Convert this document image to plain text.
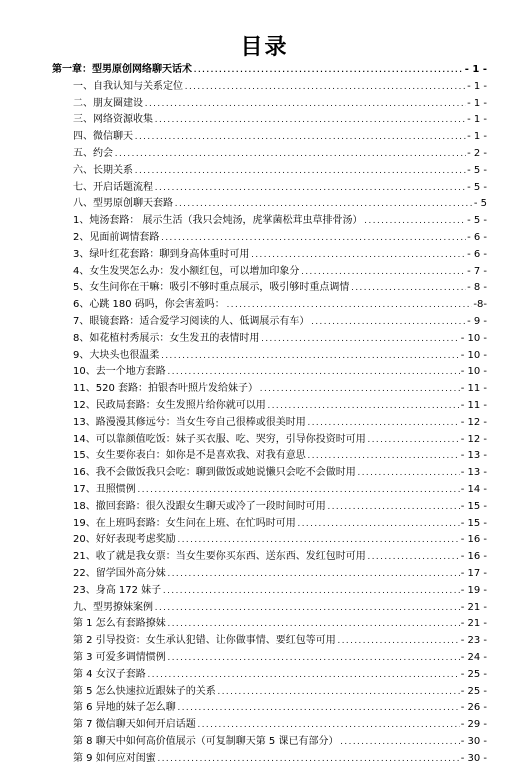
目录
第一章：型男原创网络聊天话术 .....	- 1 -
一、自我认知与关系定位 .....	- 1 -
二、朋友圈建设 .....	- 1 -
三、网络资源收集 .....	- 1 -
四、微信聊天 .....	- 1 -
五、约会 .....	- 2 -
六、长期关系 .....	- 5 -
七、开启话题流程 .....	- 5 -
八、型男原创聊天套路 .....	- 5
1、炖汤套路： 展示生活（我只会炖汤，虎掌菌松茸虫草排骨汤） .....	- 5 -
2、见面前调情套路 .....	- 6 -
3、绿叶红花套路：聊到身高体重时可用 .....	- 6 -
4、女生发哭怎么办：发小额红包，可以增加印象分 .....	- 7 -
5、女生问你在干嘛：吸引不够时重点展示，吸引够时重点调情 .....	- 8 -
6、心跳 180 码吗，你会害羞吗： .....	-8-
7、眼镜套路：适合爱学习阅读的人、低调展示有车） .....	- 9 -
8、如花植村秀展示：女生发丑的表情时用 .....	- 10 -
9、大块头也很温柔 .....	- 10 -
10、去一个地方套路 .....	- 10 -
11、520 套路：拍银杏叶照片发给妹子） .....	- 11 -
12、民政局套路：女生发照片给你就可以用 .....	- 11 -
13、路漫漫其修远兮：当女生夸自己很棒或很美时用 .....	- 12 -
14、可以靠颜值吃饭：妹子买衣服、吃、哭穷，引导你投资时可用 .....	- 12 -
15、女生要你表白：如你是不是喜欢我、对我有意思 .....	- 13 -
16、我不会做饭我只会吃：聊到做饭或她说懒只会吃不会做时用 .....	- 13 -
17、丑照惯例 .....	- 14 -
18、撤回套路：很久没跟女生聊天或冷了一段时间时可用 .....	- 15 -
19、在上班吗套路：女生问在上班、在忙吗时可用 .....	- 15 -
20、好好表现考虑奖励 .....	- 16 -
21、收了就是我女票：当女生要你买东西、送东西、发红包时可用 .....	- 16 -
22、留学国外高分妹 .....	- 17 -
23、身高 172 妹子 .....	- 19 -
九、型男撩妹案例 .....	- 21 -
第 1 怎么有套路撩妹 .....	- 21 -
第 2 引导投资：女生承认犯错、让你做事情、要红包等可用 .....	- 23 -
第 3 可爱多调情惯例 .....	- 24 -
第 4 女汉子套路 .....	- 25 -
第 5 怎么快速拉近跟妹子的关系 .....	- 25 -
第 6 异地的妹子怎么聊 .....	- 26 -
第 7 微信聊天如何开启话题 .....	- 29 -
第 8 聊天中如何高价值展示（可复制聊天第 5 课已有部分） .....	- 30 -
第 9 如何应对闺蜜 .....	- 30 -
